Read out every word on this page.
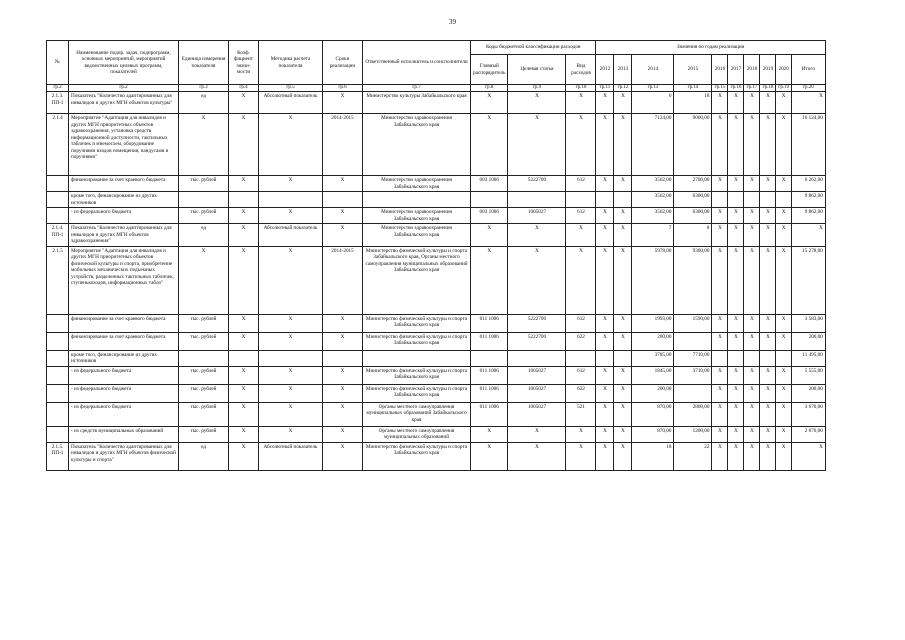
39
№	Наименование подпр. задач, подпрограмм, основных мероприятий, мероприятий ведомственных целевых программ, показателей	Единица измерения показателя	Коэф. фициент значи- мости	Методика расчета показателя	Сроки реализации	Ответственный исполнитель и соисполнители	Коды бюджетной классификации расходов			Значения по годам реализации									
							Главный распорядитель	Целевая статья	Вид расходов	2012	2013	2014	2015	2016	2017	2018	2019	2020	Итого
гр.2	гр.2	гр.3	гр.4	гр.5	гр.6	гр.7	гр.8	гр.9	гр.10	гр.11	гр.12	гр.13	гр.14	гр.15	гр.16	гр.17	гр.18	гр.19	гр.20
2.1.3. ПП-1	Показатель "Количество адаптированных для инвалидов и других МГН объектов культуры"	ед	X	Абсолютный показатель	X	Министерство культуры Забайкальского края	X	X	X	X	X	0	18	X	X	X	X	X	X
2.1.4	Мероприятие "Адаптация для инвалидов и других МГН приоритетных объектов здравоохранения, установка средств информационной доступности, тактильных табличек и мнемосхем, оборудование поручнями входов помещения, пандусами и поручнями"	X	X	X	2014-2015	Министерство здравоохранения Забайкальского края	X	X	X	X	X	7124,00	9000,00	X	X	X	X	X	16 124,00
	финансирование за счет краевого бюджета	тыс. рублей	X	X	X	Министерство здравоохранения Забайкальского края	003 1006	5222700	612	X	X	3562,00	2700,00	X	X	X	X	X	6 262,00
	кроме того, финансирование из других источников											3562,00	6300,00						9 862,00
	- из федерального бюджета	тыс. рублей	X	X	X	Министерство здравоохранения Забайкальского края	003 1006	1005027	612	X	X	3562,00	6300,00	X	X	X	X	X	9 862,00
2.1.4. ПП-1	Показатель "Количество адаптированных для инвалидов и других МГН объектов здравоохранения"	ед	X	Абсолютный показатель	X	Министерство здравоохранения Забайкальского края	X	X	X	X	X	7	8	X	X	X	X	X	X
2.1.5	Мероприятие "Адаптация для инвалидов и других МГН приоритетных объектов физической культуры и спорта, приобретение мобильных механических подъемных устройств, разделенных тактильных табличек, ступенькоходов, информационных табло"	X	X	X	2014-2015	Министерство физической культуры и спорта Забайкальского края, Органы местного самоуправления муниципальных образований Забайкальского края	X	X	X	X	X	5978,00	9300,00	X	X	X	X	X	15 278,00
	финансирование за счет краевого бюджета	тыс. рублей	X	X	X	Министерство физической культуры и спорта Забайкальского края	011 1006	5222700	612	X	X	1993,00	1590,00	X	X	X	X	X	3 583,00
	финансирование за счет краевого бюджета	тыс. рублей	X	X	X	Министерство физической культуры и спорта Забайкальского края	011 1006	5222700	622	X	X	200,00		X	X	X	X	X	200,00
	кроме того, финансирование из других источников											3785,00	7710,00						11 495,00
	- из федерального бюджета	тыс. рублей	X	X	X	Министерство физической культуры и спорта Забайкальского края	011 1006	1005027	612	X	X	1845,00	3710,00	X	X	X	X	X	5 555,00
	- из федерального бюджета	тыс. рублей	X	X	X	Министерство физической культуры и спорта Забайкальского края	011 1006	1005027	622	X	X	200,00		X	X	X	X	X	200,00
	- из федерального бюджета	тыс. рублей	X	X	X	Органы местного самоуправления муниципальных образований Забайкальского края	011 1006	1005027	521	X	X	870,00	2800,00	X	X	X	X	X	3 670,00
	- из средств муниципальных образований	тыс. рублей	X	X	X	Органы местного самоуправления муниципальных образований	X	X	X	X	X	870,00	1200,00	X	X	X	X	X	2 070,00
2.1.5. ПП-1	Показатель "Количество адаптированных для инвалидов и других МГН объектов физической культуры и спорта"	ед	X	Абсолютный показатель	X	Министерство физической культуры и спорта Забайкальского края	X	X	X	X	X	18	22	X	X	X	X	X	X
